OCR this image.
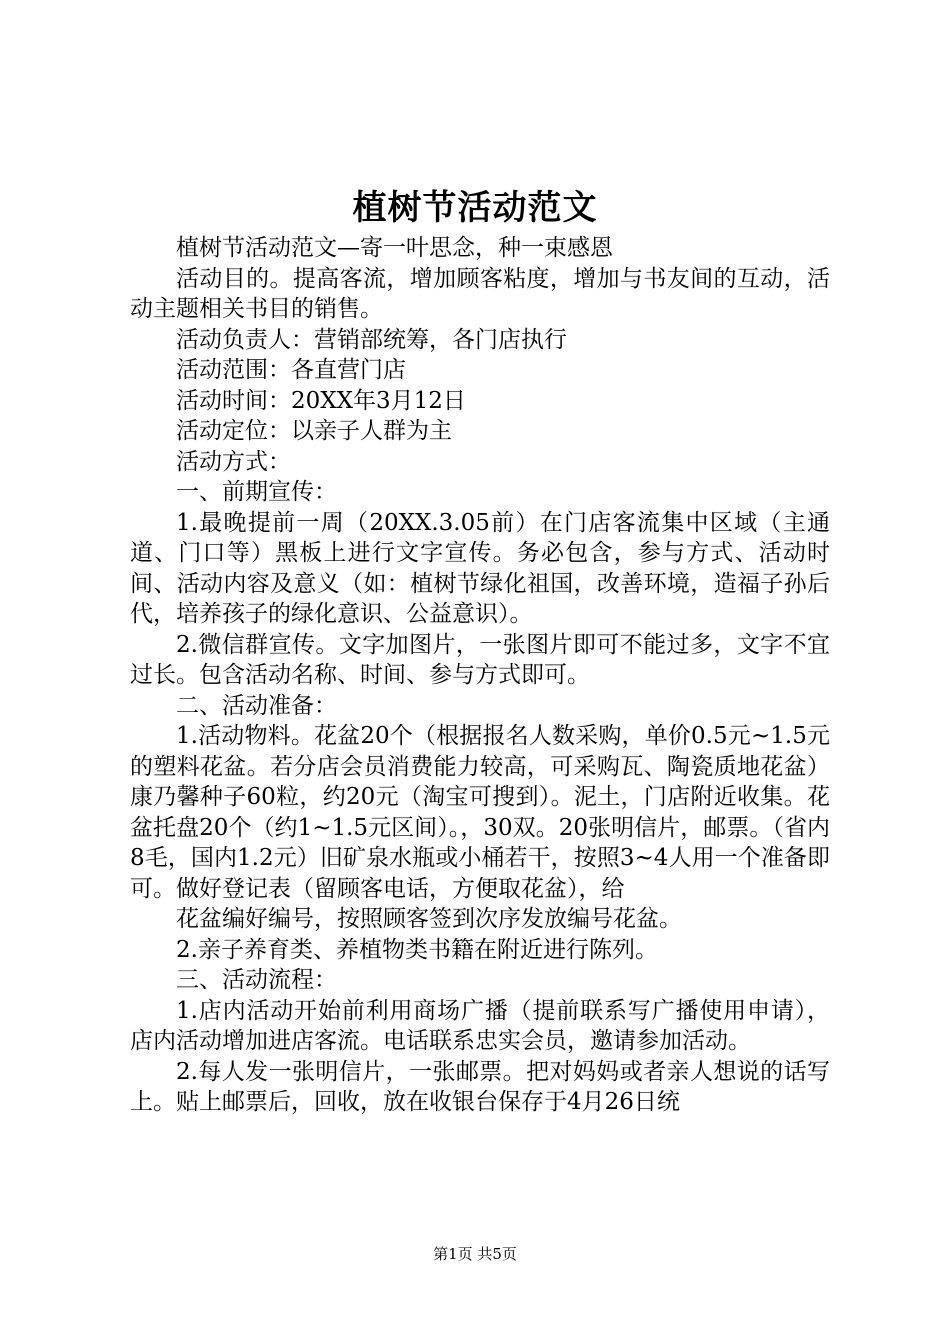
植树节活动范文

植树节活动范文—寄一叶思念，种一束感恩

活动目的。提高客流，增加顾客粘度，增加与书友间的互动，活动主题相关书目的销售。

活动负责人：营销部统筹，各门店执行

活动范围：各直营门店

活动时间：20XX年3月12日

活动定位：以亲子人群为主

活动方式：

一、前期宣传：

1.最晚提前一周（20XX.3.05前）在门店客流集中区域（主通道、门口等）黑板上进行文字宣传。务必包含，参与方式、活动时间、活动内容及意义（如：植树节绿化祖国，改善环境，造福子孙后代，培养孩子的绿化意识、公益意识）。

2.微信群宣传。文字加图片，一张图片即可不能过多，文字不宜过长。包含活动名称、时间、参与方式即可。

二、活动准备：

1.活动物料。花盆20个（根据报名人数采购，单价0.5元~1.5元的塑料花盆。若分店会员消费能力较高，可采购瓦、陶瓷质地花盆）康乃馨种子60粒，约20元（淘宝可搜到）。泥土，门店附近收集。花盆托盘20个（约1~1.5元区间）。，30双。20张明信片，邮票。（省内8毛，国内1.2元）旧矿泉水瓶或小桶若干，按照3~4人用一个准备即可。做好登记表（留顾客电话，方便取花盆），给

花盆编好编号，按照顾客签到次序发放编号花盆。

2.亲子养育类、养植物类书籍在附近进行陈列。

三、活动流程：

1.店内活动开始前利用商场广播（提前联系写广播使用申请），店内活动增加进店客流。电话联系忠实会员，邀请参加活动。

2.每人发一张明信片，一张邮票。把对妈妈或者亲人想说的话写上。贴上邮票后，回收，放在收银台保存于4月26日统

第1页 共5页
